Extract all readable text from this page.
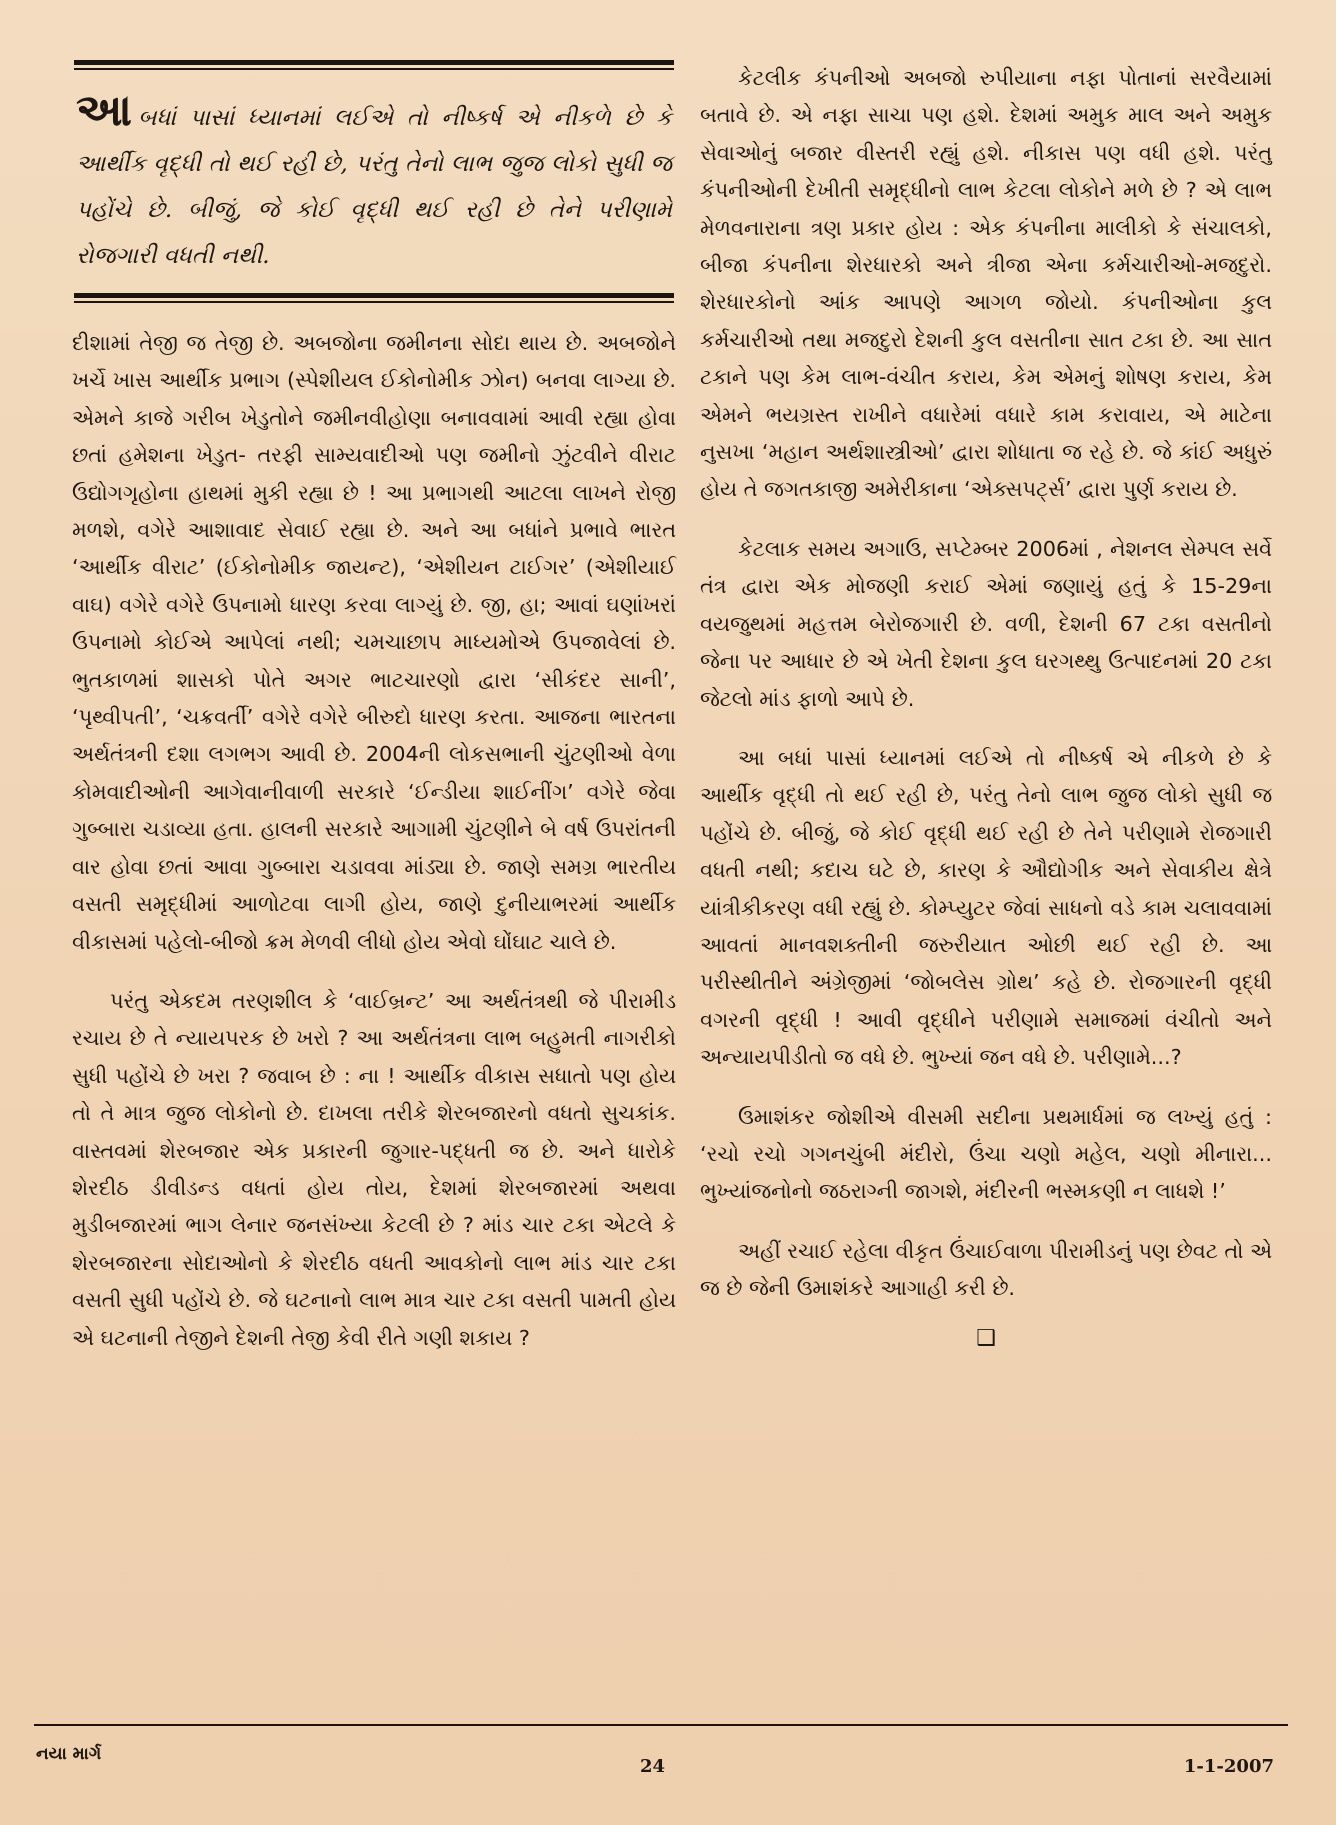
આબધાં પાસાં ધ્યાનમાં લઈએ તો નીષ્કર્ષ એ નીકળે છે કે આર્થીક વૃદ્ધી તો થઈ રહી છે, પરંતુ તેનો લાભ જુજ લોકો સુધી જ પહોંચે છે. બીજું, જે કોઈ વૃદ્ધી થઈ રહી છે તેને પરીણામે રોજગારી વધતી નથી.

દીશામાં તેજી જ તેજી છે. અબજોના જમીનના સોદા થાય છે. અબજોને ખર્ચે ખાસ આર્થીક પ્રભાગ (સ્પેશીયલ ઈકોનોમીક ઝોન) બનવા લાગ્યા છે. એમને કાજે ગરીબ ખેડુતોને જમીનવીહોણા બનાવવામાં આવી રહ્યા હોવા છતાં હમેશના ખેડુત- તરફી સામ્યવાદીઓ પણ જમીનો ઝુંટવીને વીરાટ ઉદ્યોગગૃહોના હાથમાં મુકી રહ્યા છે ! આ પ્રભાગથી આટલા લાખને રોજી મળશે, વગેરે આશાવાદ સેવાઈ રહ્યા છે. અને આ બધાંને પ્રભાવે ભારત ‘આર્થીક વીરાટ’ (ઈકોનોમીક જાયન્ટ), ‘એશીયન ટાઈગર’ (એશીયાઈ વાઘ) વગેરે વગેરે ઉપનામો ધારણ કરવા લાગ્યું છે. જી, હા; આવાં ઘણાંખરાં ઉપનામો કોઈએ આપેલાં નથી; ચમચાછાપ માધ્યમોએ ઉપજાવેલાં છે. ભુતકાળમાં શાસકો પોતે અગર ભાટચારણો દ્વારા ‘સીકંદર સાની’, ‘પૃથ્વીપતી’, ‘ચક્રવર્તી’ વગેરે વગેરે બીરુદો ધારણ કરતા. આજના ભારતના અર્થતંત્રની દશા લગભગ આવી છે. 2004ની લોકસભાની ચુંટણીઓ વેળા કોમવાદીઓની આગેવાનીવાળી સરકારે ‘ઈન્ડીયા શાઈનીંગ’ વગેરે જેવા ગુબ્બારા ચડાવ્યા હતા. હાલની સરકારે આગામી ચુંટણીને બે વર્ષ ઉપરાંતની વાર હોવા છતાં આવા ગુબ્બારા ચડાવવા માંડ્યા છે. જાણે સમગ્ર ભારતીય વસતી સમૃદ્ધીમાં આળોટવા લાગી હોય, જાણે દુનીયાભરમાં આર્થીક વીકાસમાં પહેલો-બીજો ક્રમ મેળવી લીધો હોય એવો ઘોંઘાટ ચાલે છે.

પરંતુ એકદમ તરણશીલ કે ‘વાઈબ્રન્ટ’ આ અર્થતંત્રથી જે પીરામીડ રચાય છે તે ન્યાયપરક છે ખરો ? આ અર્થતંત્રના લાભ બહુમતી નાગરીકો સુધી પહોંચે છે ખરા ? જવાબ છે : ના ! આર્થીક વીકાસ સધાતો પણ હોય તો તે માત્ર જુજ લોકોનો છે. દાખલા તરીકે શેરબજારનો વધતો સુચકાંક. વાસ્તવમાં શેરબજાર એક પ્રકારની જુગાર-પદ્ધતી જ છે. અને ધારોકે શેરદીઠ ડીવીડન્ડ વધતાં હોય તોય, દેશમાં શેરબજારમાં અથવા મુડીબજારમાં ભાગ લેનાર જનસંખ્યા કેટલી છે ? માંડ ચાર ટકા એટલે કે શેરબજારના સોદાઓનો કે શેરદીઠ વધતી આવકોનો લાભ માંડ ચાર ટકા વસતી સુધી પહોંચે છે. જે ઘટનાનો લાભ માત્ર ચાર ટકા વસતી પામતી હોય એ ઘટનાની તેજીને દેશની તેજી કેવી રીતે ગણી શકાય ?

કેટલીક કંપનીઓ અબજો રુપીયાના નફા પોતાનાં સરવૈયામાં બતાવે છે. એ નફા સાચા પણ હશે. દેશમાં અમુક માલ અને અમુક સેવાઓનું બજાર વીસ્તરી રહ્યું હશે. નીકાસ પણ વધી હશે. પરંતુ કંપનીઓની દેખીતી સમૃદ્ધીનો લાભ કેટલા લોકોને મળે છે ? એ લાભ મેળવનારાના ત્રણ પ્રકાર હોય : એક કંપનીના માલીકો કે સંચાલકો, બીજા કંપનીના શેરધારકો અને ત્રીજા એના કર્મચારીઓ-મજદુરો. શેરધારકોનો આંક આપણે આગળ જોયો. કંપનીઓના કુલ કર્મચારીઓ તથા મજદુરો દેશની કુલ વસતીના સાત ટકા છે. આ સાત ટકાને પણ કેમ લાભ-વંચીત કરાય, કેમ એમનું શોષણ કરાય, કેમ એમને ભયગ્રસ્ત રાખીને વધારેમાં વધારે કામ કરાવાય, એ માટેના નુસખા ‘મહાન અર્થશાસ્ત્રીઓ’ દ્વારા શોધાતા જ રહે છે. જે કાંઈ અધુરું હોય તે જગતકાજી અમેરીકાના ‘એક્સપર્ટ્સ’ દ્વારા પુર્ણ કરાય છે.

કેટલાક સમય અગાઉ, સપ્ટેમ્બર 2006માં , નેશનલ સેમ્પલ સર્વે તંત્ર દ્વારા એક મોજણી કરાઈ એમાં જણાયું હતું કે 15-29ના વયજુથમાં મહત્તમ બેરોજગારી છે. વળી, દેશની 67 ટકા વસતીનો જેના પર આધાર છે એ ખેતી દેશના કુલ ઘરગથ્થુ ઉત્પાદનમાં 20 ટકા જેટલો માંડ ફાળો આપે છે.

આ બધાં પાસાં ધ્યાનમાં લઈએ તો નીષ્કર્ષ એ નીકળે છે કે આર્થીક વૃદ્ધી તો થઈ રહી છે, પરંતુ તેનો લાભ જુજ લોકો સુધી જ પહોંચે છે. બીજું, જે કોઈ વૃદ્ધી થઈ રહી છે તેને પરીણામે રોજગારી વધતી નથી; કદાચ ઘટે છે, કારણ કે ઔદ્યોગીક અને સેવાકીય ક્ષેત્રે યાંત્રીકીકરણ વધી રહ્યું છે. કોમ્પ્યુટર જેવાં સાધનો વડે કામ ચલાવવામાં આવતાં માનવશક્તીની જરુરીયાત ઓછી થઈ રહી છે. આ પરીસ્થીતીને અંગ્રેજીમાં ‘જોબલેસ ગ્રોથ’ કહે છે. રોજગારની વૃદ્ધી વગરની વૃદ્ધી ! આવી વૃદ્ધીને પરીણામે સમાજમાં વંચીતો અને અન્યાયપીડીતો જ વધે છે. ભુખ્યાં જન વધે છે. પરીણામે...?

ઉમાશંકર જોશીએ વીસમી સદીના પ્રથમાર્ધમાં જ લખ્યું હતું : ‘રચો રચો ગગનચુંબી મંદીરો, ઉંચા ચણો મહેલ, ચણો મીનારા... ભુખ્યાંજનોનો જઠરાગ્ની જાગશે, મંદીરની ભસ્મકણી ન લાધશે !’

અહીં રચાઈ રહેલા વીકૃત ઉંચાઈવાળા પીરામીડનું પણ છેવટ તો એ જ છે જેની ઉમાશંકરે આગાહી કરી છે.

❑
નયા માર્ગ
24	1-1-2007
